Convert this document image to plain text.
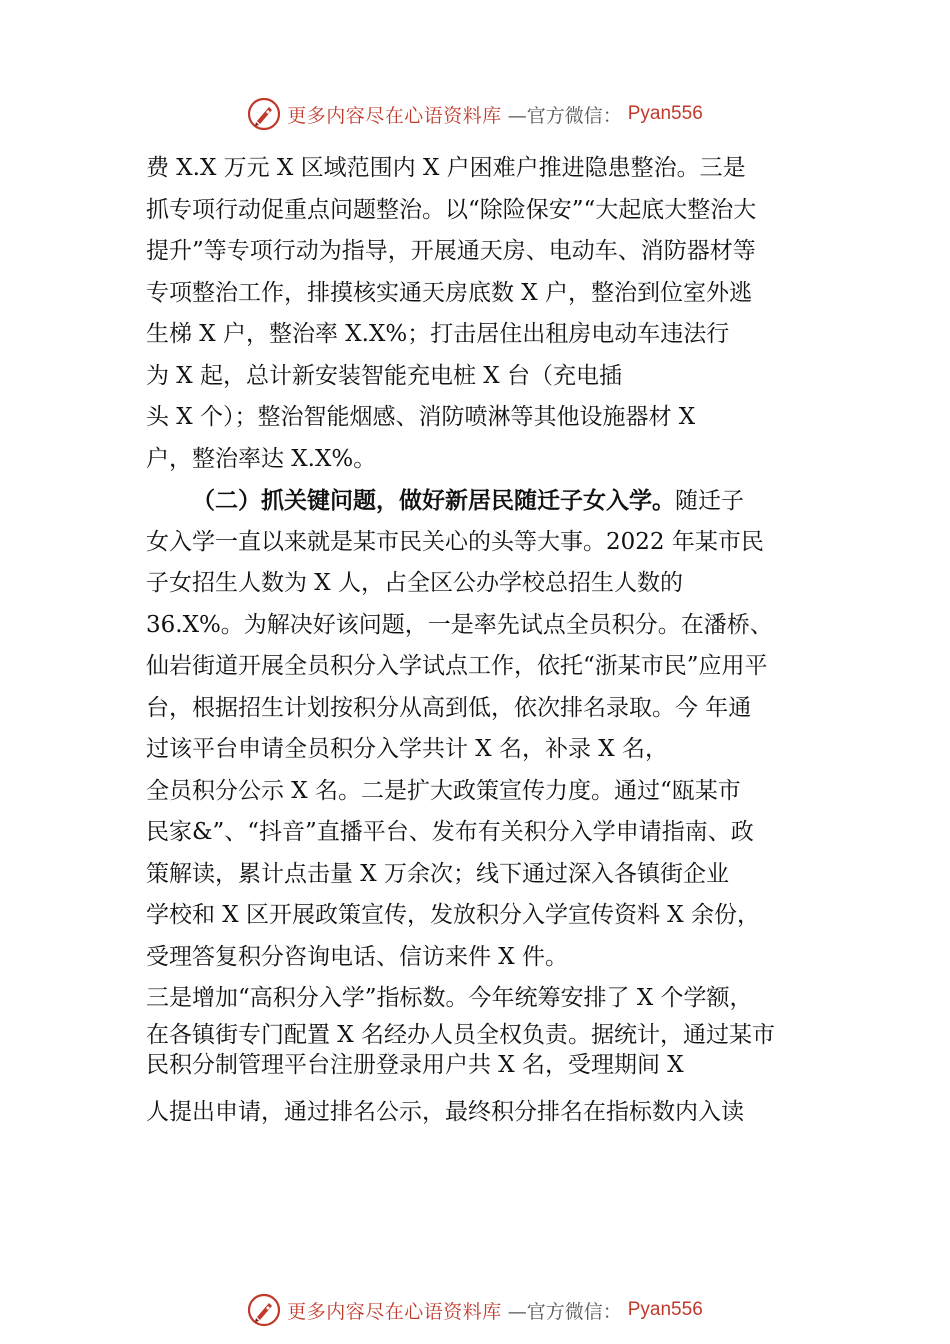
更多内容尽在心语资料库 —官方微信： Pyan556
费 X.X 万元 X 区域范围内 X 户困难户推进隐患整治。三是
抓专项行动促重点问题整治。以“除险保安”“大起底大整治大
提升”等专项行动为指导，开展通天房、电动车、消防器材等
专项整治工作，排摸核实通天房底数 X 户，整治到位室外逃
生梯 X 户，整治率 X.X%；打击居住出租房电动车违法行
为 X 起，总计新安装智能充电桩 X 台（充电插
头 X 个）；整治智能烟感、消防喷淋等其他设施器材 X
户，整治率达 X.X%。
（二）抓关键问题，做好新居民随迁子女入学。随迁子
女入学一直以来就是某市民关心的头等大事。2022 年某市民
子女招生人数为 X 人，占全区公办学校总招生人数的
36.X%。为解决好该问题，一是率先试点全员积分。在潘桥、
仙岩街道开展全员积分入学试点工作，依托“浙某市民”应用平
台，根据招生计划按积分从高到低，依次排名录取。今 年通
过该平台申请全员积分入学共计 X 名，补录 X 名，
全员积分公示 X 名。二是扩大政策宣传力度。通过“瓯某市
民家&”、“抖音”直播平台、发布有关积分入学申请指南、政
策解读，累计点击量 X 万余次；线下通过深入各镇街企业
学校和 X 区开展政策宣传，发放积分入学宣传资料 X 余份，
受理答复积分咨询电话、信访来件 X 件。
三是增加“高积分入学”指标数。今年统筹安排了 X 个学额，
在各镇街专门配置 X 名经办人员全权负责。据统计，通过某市
民积分制管理平台注册登录用户共 X 名，受理期间 X
人提出申请，通过排名公示，最终积分排名在指标数内入读
更多内容尽在心语资料库 —官方微信： Pyan556
